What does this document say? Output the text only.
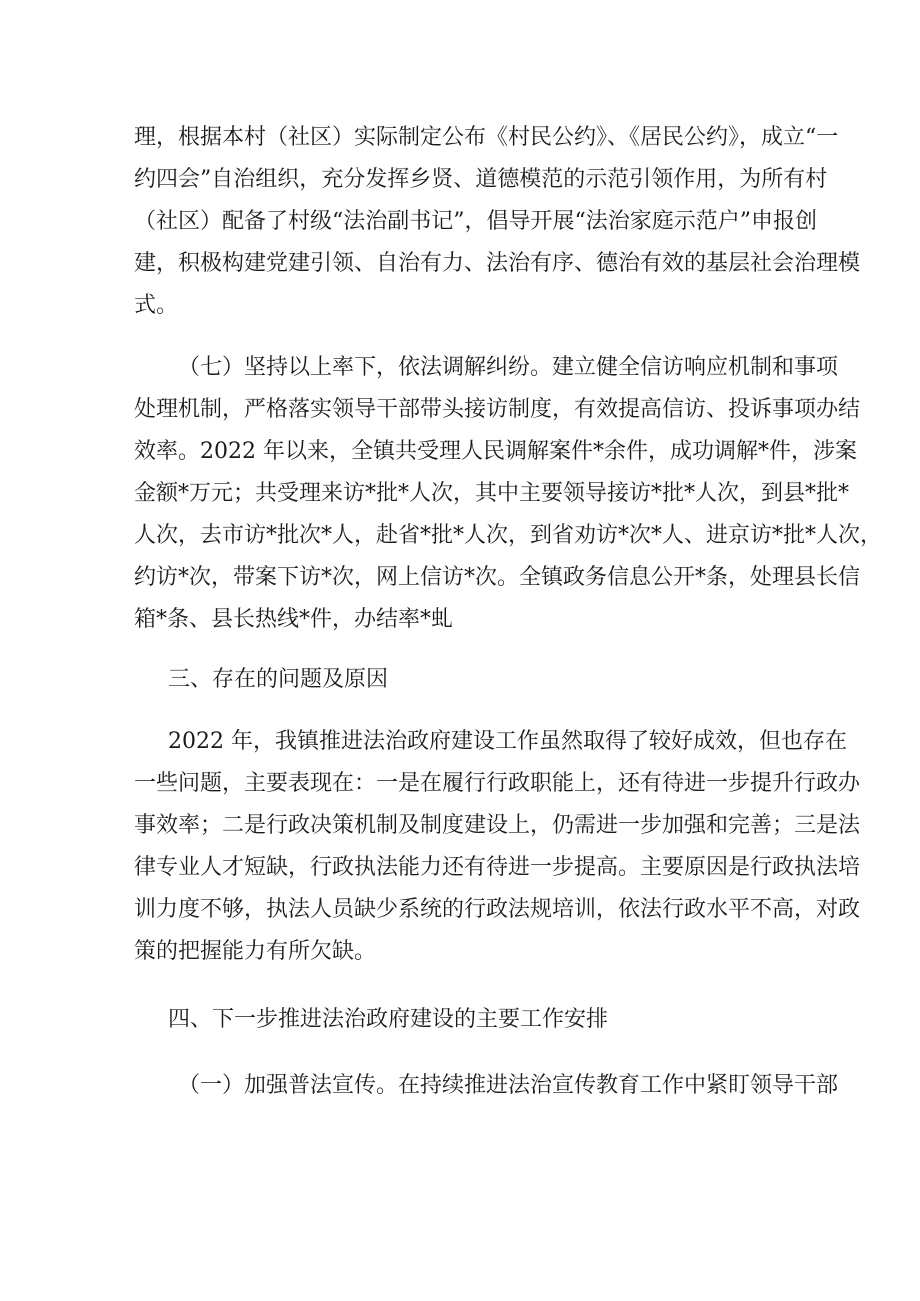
理，根据本村（社区）实际制定公布《村民公约》、《居民公约》，成立“一
约四会”自治组织，充分发挥乡贤、道德模范的示范引领作用，为所有村
（社区）配备了村级“法治副书记”，倡导开展“法治家庭示范户”申报创
建，积极构建党建引领、自治有力、法治有序、德治有效的基层社会治理模
式。
（七）坚持以上率下，依法调解纠纷。建立健全信访响应机制和事项
处理机制，严格落实领导干部带头接访制度，有效提高信访、投诉事项办结
效率。2022 年以来，全镇共受理人民调解案件*余件，成功调解*件，涉案
金额*万元；共受理来访*批*人次，其中主要领导接访*批*人次，到县*批*
人次，去市访*批次*人，赴省*批*人次，到省劝访*次*人、进京访*批*人次，
约访*次，带案下访*次，网上信访*次。全镇政务信息公开*条，处理县长信
箱*条、县长热线*件，办结率*虬
三、存在的问题及原因
2022 年，我镇推进法治政府建设工作虽然取得了较好成效，但也存在
一些问题，主要表现在：一是在履行行政职能上，还有待进一步提升行政办
事效率；二是行政决策机制及制度建设上，仍需进一步加强和完善；三是法
律专业人才短缺，行政执法能力还有待进一步提高。主要原因是行政执法培
训力度不够，执法人员缺少系统的行政法规培训，依法行政水平不高，对政
策的把握能力有所欠缺。
四、下一步推进法治政府建设的主要工作安排
（一）加强普法宣传。在持续推进法治宣传教育工作中紧盯领导干部
